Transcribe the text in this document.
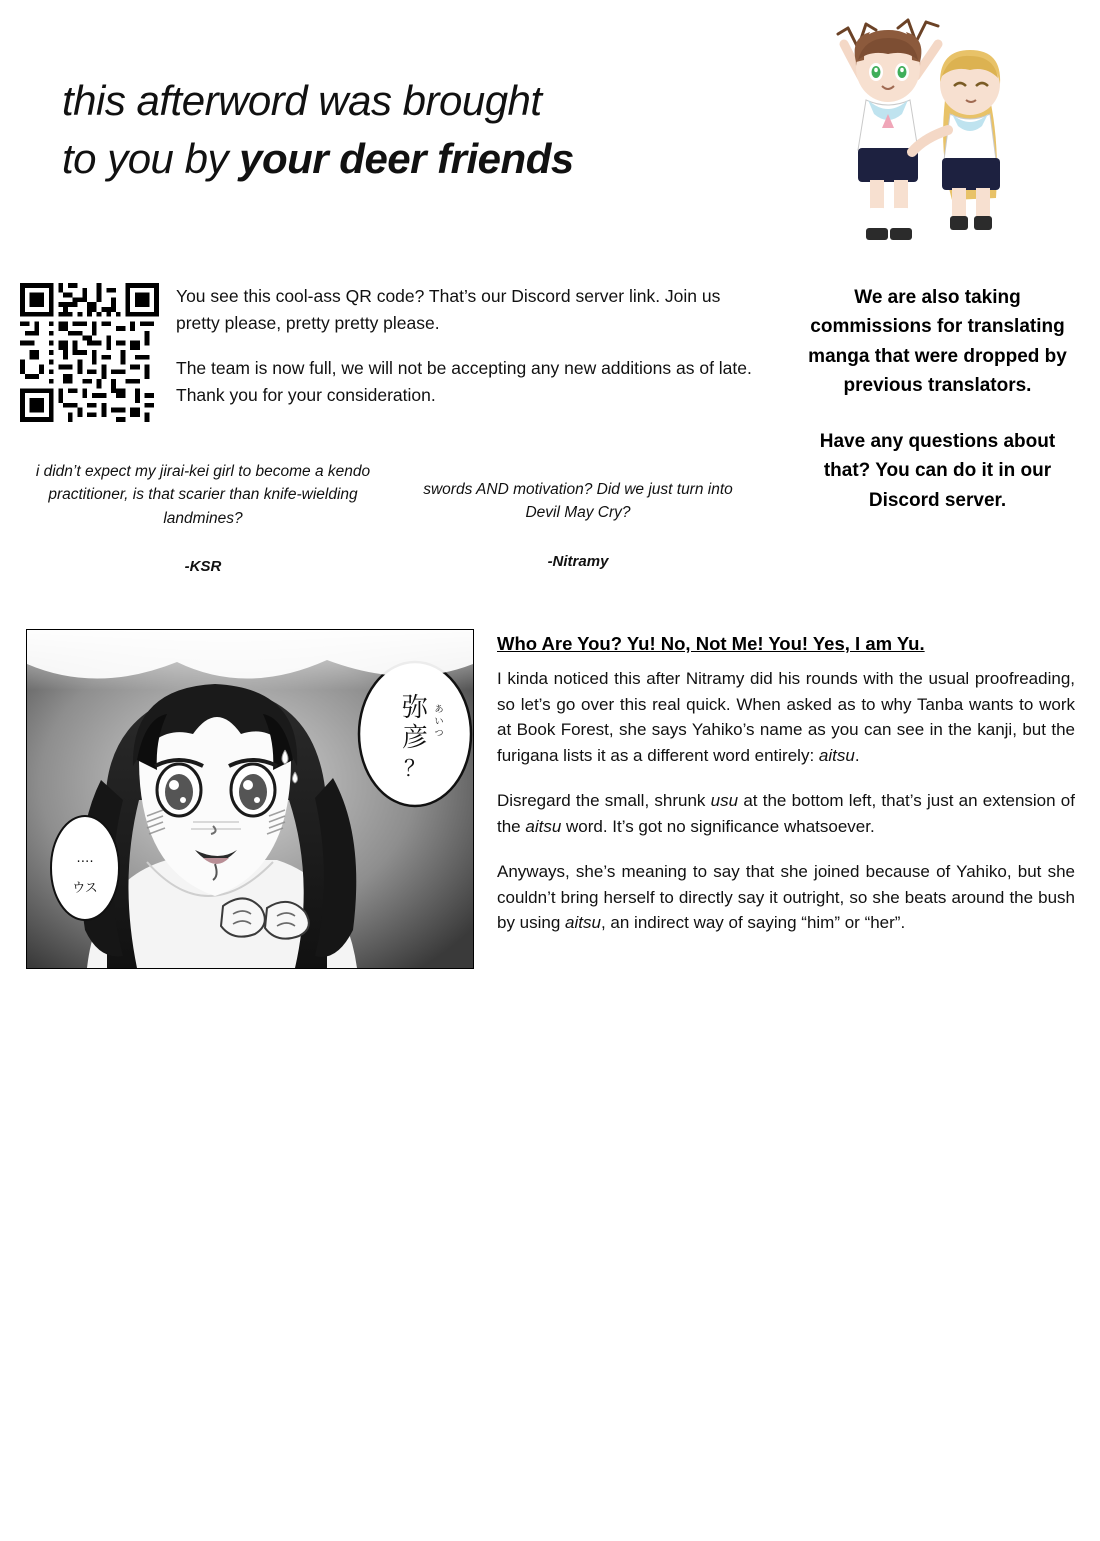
this afterword was brought
to you by your deer friends

You see this cool-ass QR code? That’s our Discord server link. Join us pretty please, pretty pretty please.

The team is now full, we will not be accepting any new additions as of late. Thank you for your consideration.

We are also taking commissions for translating manga that were dropped by previous translators.

Have any questions about that? You can do it in our Discord server.

i didn’t expect my jirai-kei girl to become a kendo practitioner, is that scarier than knife-wielding landmines?
-KSR
swords AND motivation? Did we just turn into Devil May Cry?
-Nitramy
弥
彦
？
あ
い
つ
‥‥
ウス
Who Are You? Yu! No, Not Me! You! Yes, I am Yu.

I kinda noticed this after Nitramy did his rounds with the usual proofreading, so let’s go over this real quick. When asked as to why Tanba wants to work at Book Forest, she says Yahiko’s name as you can see in the kanji, but the furigana lists it as a different word entirely: aitsu.

Disregard the small, shrunk usu at the bottom left, that’s just an extension of the aitsu word. It’s got no significance whatsoever.

Anyways, she’s meaning to say that she joined because of Yahiko, but she couldn’t bring herself to directly say it outright, so she beats around the bush by using aitsu, an indirect way of saying “him” or “her”.
